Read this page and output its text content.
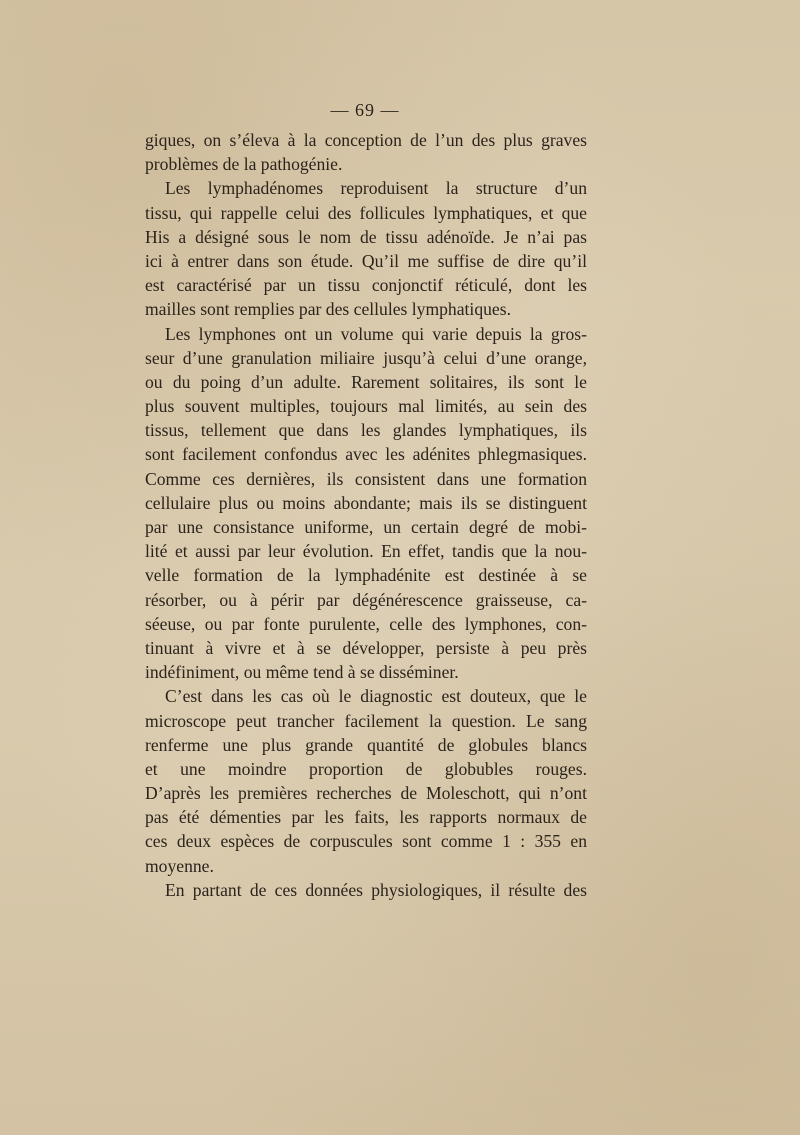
— 69 —
giques, on s’éleva à la conception de l’un des plus graves
problèmes de la pathogénie.
Les lymphadénomes reproduisent la structure d’un
tissu, qui rappelle celui des follicules lymphatiques, et que
His a désigné sous le nom de tissu adénoïde. Je n’ai pas
ici à entrer dans son étude. Qu’il me suffise de dire qu’il
est caractérisé par un tissu conjonctif réticulé, dont les
mailles sont remplies par des cellules lymphatiques.
Les lymphones ont un volume qui varie depuis la gros-
seur d’une granulation miliaire jusqu’à celui d’une orange,
ou du poing d’un adulte. Rarement solitaires, ils sont le
plus souvent multiples, toujours mal limités, au sein des
tissus, tellement que dans les glandes lymphatiques, ils
sont facilement confondus avec les adénites phlegmasiques.
Comme ces dernières, ils consistent dans une formation
cellulaire plus ou moins abondante; mais ils se distinguent
par une consistance uniforme, un certain degré de mobi-
lité et aussi par leur évolution. En effet, tandis que la nou-
velle formation de la lymphadénite est destinée à se
résorber, ou à périr par dégénérescence graisseuse, ca-
séeuse, ou par fonte purulente, celle des lymphones, con-
tinuant à vivre et à se développer, persiste à peu près
indéfiniment, ou même tend à se disséminer.
C’est dans les cas où le diagnostic est douteux, que le
microscope peut trancher facilement la question. Le sang
renferme une plus grande quantité de globules blancs
et une moindre proportion de globubles rouges.
D’après les premières recherches de Moleschott, qui n’ont
pas été démenties par les faits, les rapports normaux de
ces deux espèces de corpuscules sont comme 1 : 355 en
moyenne.
En partant de ces données physiologiques, il résulte des
